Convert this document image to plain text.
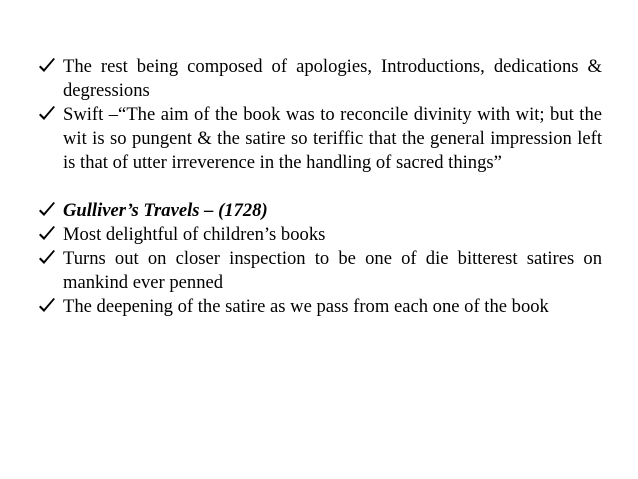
The rest being composed of apologies, Introductions, dedications & degressions
Swift –“The aim of the book was to reconcile divinity with wit; but the wit is so pungent & the satire so teriffic that the general impression left is that of utter irreverence in the handling of sacred things”
Gulliver’s Travels – (1728)
Most delightful of children’s books
Turns out on closer inspection to be one of die bitterest satires on mankind ever penned
The deepening of the satire as we pass from each one of the book
